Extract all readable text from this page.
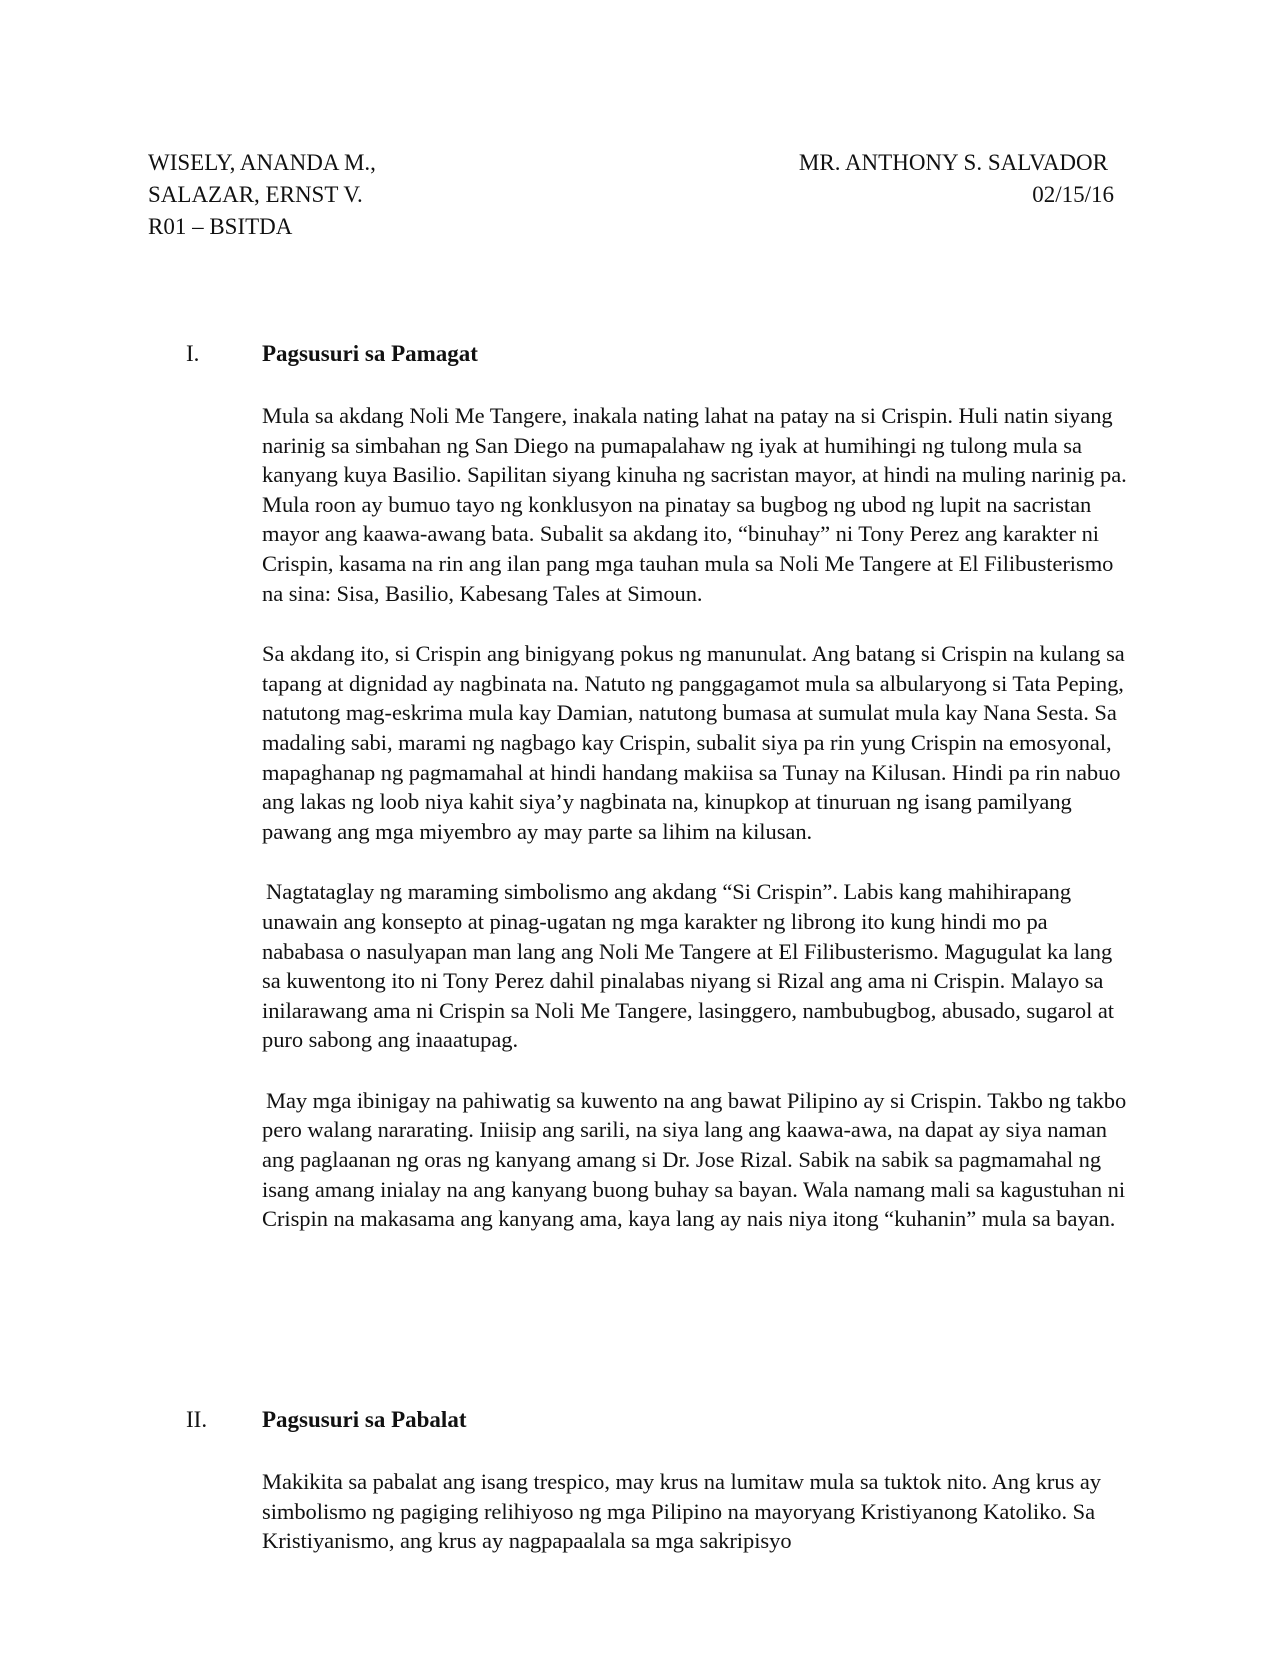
WISELY, ANANDA M.,
SALAZAR, ERNST V.
R01 – BSITDA
MR. ANTHONY S. SALVADOR
02/15/16
I.	Pagsusuri sa Pamagat

Mula sa akdang Noli Me Tangere, inakala nating lahat na patay na si Crispin. Huli natin siyang narinig sa simbahan ng San Diego na pumapalahaw ng iyak at humihingi ng tulong mula sa kanyang kuya Basilio. Sapilitan siyang kinuha ng sacristan mayor, at hindi na muling narinig pa. Mula roon ay bumuo tayo ng konklusyon na pinatay sa bugbog ng ubod ng lupit na sacristan mayor ang kaawa-awang bata. Subalit sa akdang ito, “binuhay” ni Tony Perez ang karakter ni Crispin, kasama na rin ang ilan pang mga tauhan mula sa Noli Me Tangere at El Filibusterismo na sina: Sisa, Basilio, Kabesang Tales at Simoun.

Sa akdang ito, si Crispin ang binigyang pokus ng manunulat. Ang batang si Crispin na kulang sa tapang at dignidad ay nagbinata na. Natuto ng panggagamot mula sa albularyong si Tata Peping, natutong mag-eskrima mula kay Damian, natutong bumasa at sumulat mula kay Nana Sesta. Sa madaling sabi, marami ng nagbago kay Crispin, subalit siya pa rin yung Crispin na emosyonal, mapaghanap ng pagmamahal at hindi handang makiisa sa Tunay na Kilusan. Hindi pa rin nabuo ang lakas ng loob niya kahit siya’y nagbinata na, kinupkop at tinuruan ng isang pamilyang pawang ang mga miyembro ay may parte sa lihim na kilusan.

Nagtataglay ng maraming simbolismo ang akdang “Si Crispin”. Labis kang mahihirapang unawain ang konsepto at pinag-ugatan ng mga karakter ng librong ito kung hindi mo pa nababasa o nasulyapan man lang ang Noli Me Tangere at El Filibusterismo. Magugulat ka lang sa kuwentong ito ni Tony Perez dahil pinalabas niyang si Rizal ang ama ni Crispin. Malayo sa inilarawang ama ni Crispin sa Noli Me Tangere, lasinggero, nambubugbog, abusado, sugarol at puro sabong ang inaaatupag.

May mga ibinigay na pahiwatig sa kuwento na ang bawat Pilipino ay si Crispin. Takbo ng takbo pero walang nararating. Iniisip ang sarili, na siya lang ang kaawa-awa, na dapat ay siya naman ang paglaanan ng oras ng kanyang amang si Dr. Jose Rizal. Sabik na sabik sa pagmamahal ng isang amang inialay na ang kanyang buong buhay sa bayan. Wala namang mali sa kagustuhan ni Crispin na makasama ang kanyang ama, kaya lang ay nais niya itong “kuhanin” mula sa bayan.

II. Pagsusuri sa Pabalat

Makikita sa pabalat ang isang trespico, may krus na lumitaw mula sa tuktok nito. Ang krus ay simbolismo ng pagiging relihiyoso ng mga Pilipino na mayoryang Kristiyanong Katoliko. Sa Kristiyanismo, ang krus ay nagpapaalala sa mga sakripisyo
